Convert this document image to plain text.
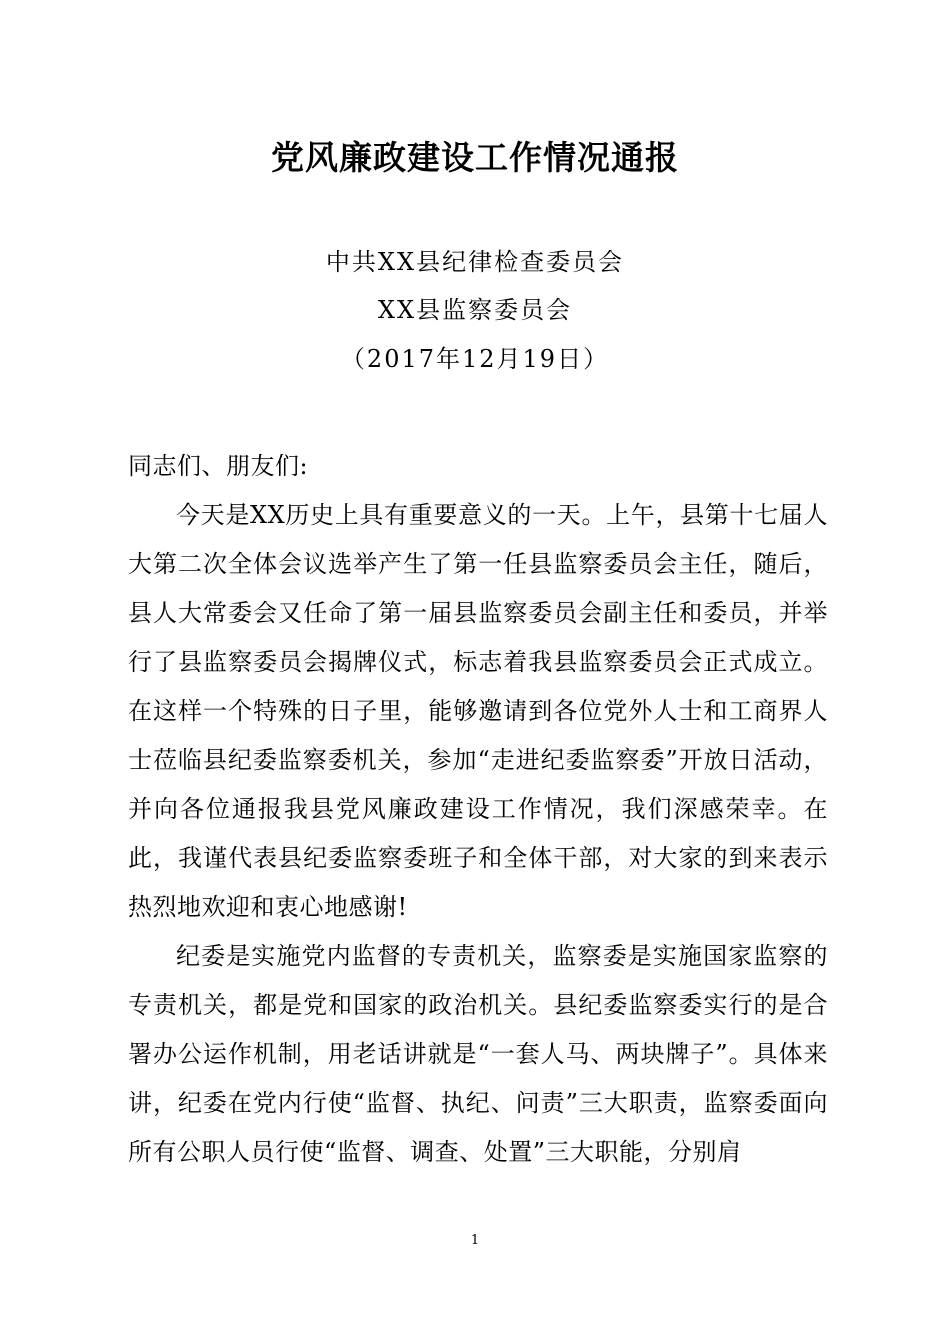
党风廉政建设工作情况通报
中共XX县纪律检查委员会
XX县监察委员会
（2017年12月19日）

同志们、朋友们:

今天是XX历史上具有重要意义的一天。上午，县第十七届人大第二次全体会议选举产生了第一任县监察委员会主任，随后，县人大常委会又任命了第一届县监察委员会副主任和委员，并举行了县监察委员会揭牌仪式，标志着我县监察委员会正式成立。在这样一个特殊的日子里，能够邀请到各位党外人士和工商界人士莅临县纪委监察委机关，参加“走进纪委监察委”开放日活动，并向各位通报我县党风廉政建设工作情况，我们深感荣幸。在此，我谨代表县纪委监察委班子和全体干部，对大家的到来表示热烈地欢迎和衷心地感谢!

纪委是实施党内监督的专责机关，监察委是实施国家监察的专责机关，都是党和国家的政治机关。县纪委监察委实行的是合署办公运作机制，用老话讲就是“一套人马、两块牌子”。具体来讲，纪委在党内行使“监督、执纪、问责”三大职责，监察委面向所有公职人员行使“监督、调查、处置”三大职能，分别肩

1
